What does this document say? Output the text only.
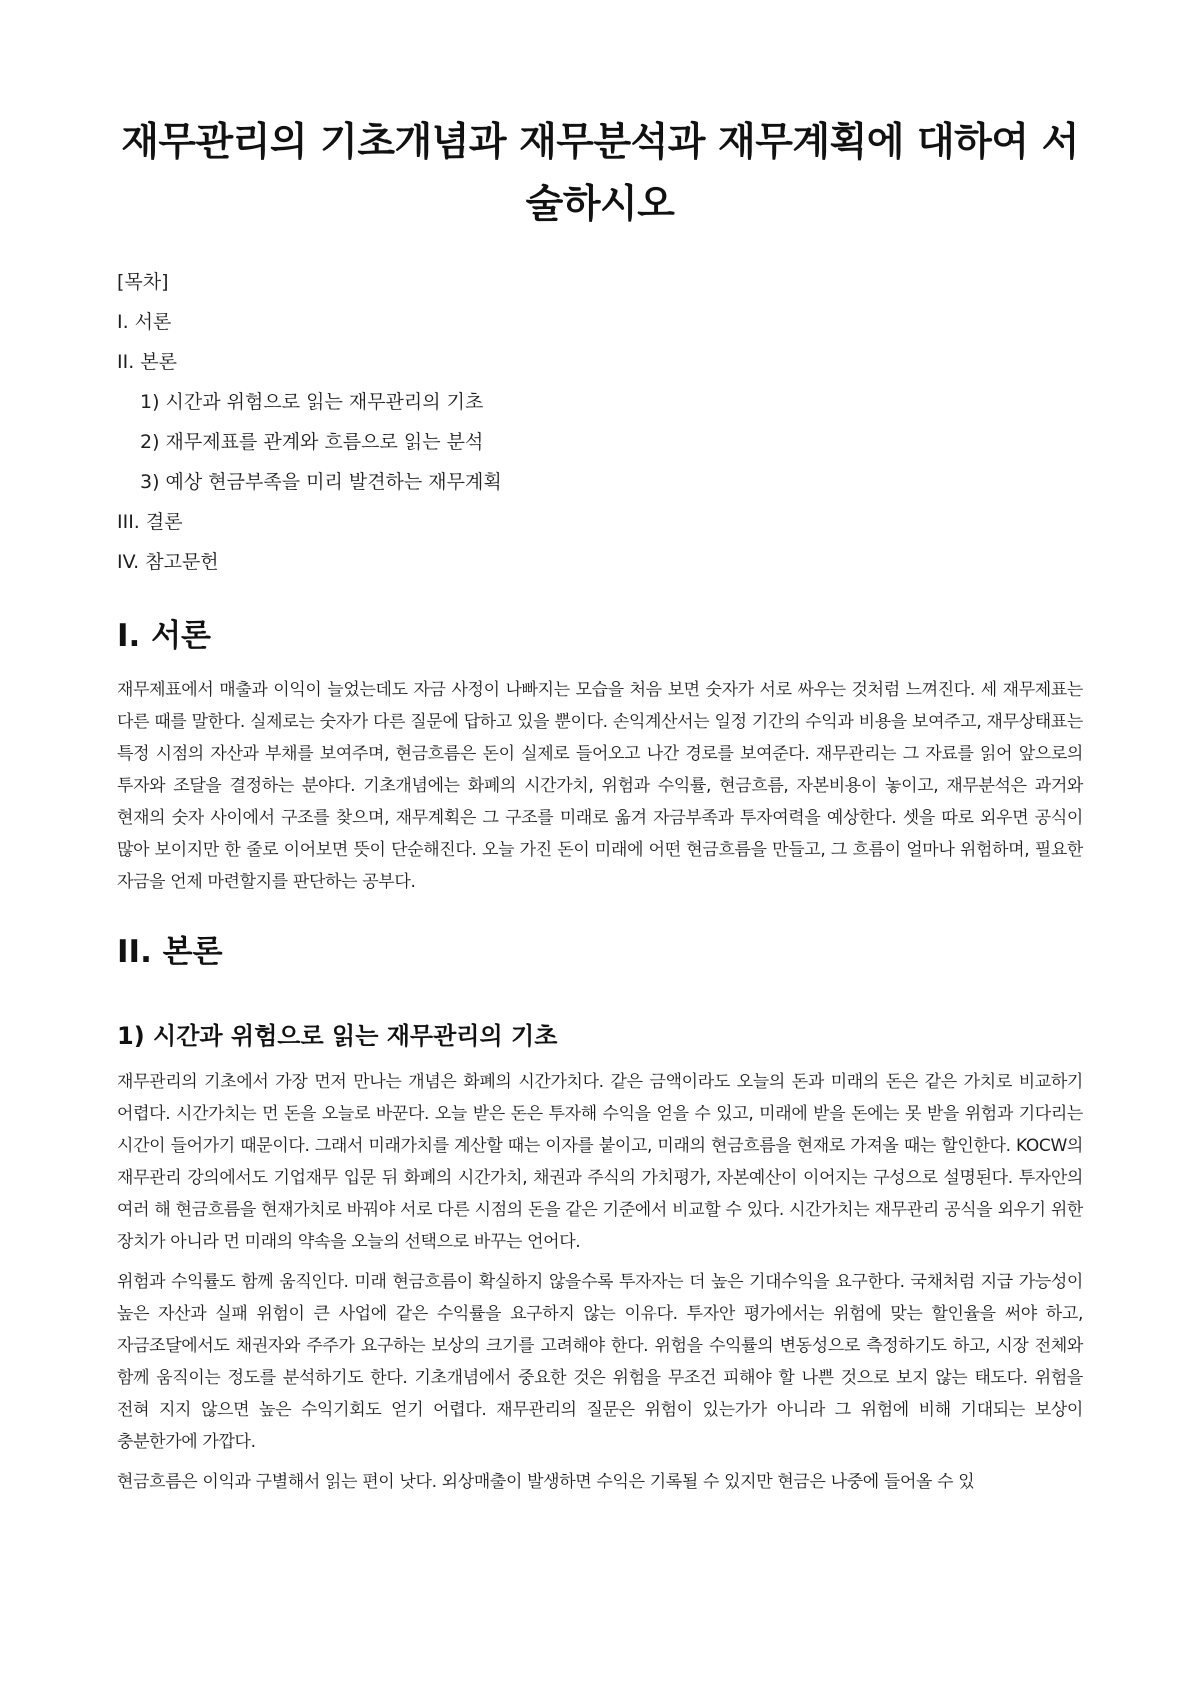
재무관리의 기초개념과 재무분석과 재무계획에 대하여 서술하시오
[목차]
I. 서론
II. 본론
1) 시간과 위험으로 읽는 재무관리의 기초
2) 재무제표를 관계와 흐름으로 읽는 분석
3) 예상 현금부족을 미리 발견하는 재무계획
III. 결론
IV. 참고문헌
I. 서론

재무제표에서 매출과 이익이 늘었는데도 자금 사정이 나빠지는 모습을 처음 보면 숫자가 서로 싸우는 것처럼 느껴진다. 세 재무제표는 다른 때를 말한다. 실제로는 숫자가 다른 질문에 답하고 있을 뿐이다. 손익계산서는 일정 기간의 수익과 비용을 보여주고, 재무상태표는 특정 시점의 자산과 부채를 보여주며, 현금흐름은 돈이 실제로 들어오고 나간 경로를 보여준다. 재무관리는 그 자료를 읽어 앞으로의 투자와 조달을 결정하는 분야다. 기초개념에는 화폐의 시간가치, 위험과 수익률, 현금흐름, 자본비용이 놓이고, 재무분석은 과거와 현재의 숫자 사이에서 구조를 찾으며, 재무계획은 그 구조를 미래로 옮겨 자금부족과 투자여력을 예상한다. 셋을 따로 외우면 공식이 많아 보이지만 한 줄로 이어보면 뜻이 단순해진다. 오늘 가진 돈이 미래에 어떤 현금흐름을 만들고, 그 흐름이 얼마나 위험하며, 필요한 자금을 언제 마련할지를 판단하는 공부다.

II. 본론
1) 시간과 위험으로 읽는 재무관리의 기초

재무관리의 기초에서 가장 먼저 만나는 개념은 화폐의 시간가치다. 같은 금액이라도 오늘의 돈과 미래의 돈은 같은 가치로 비교하기 어렵다. 시간가치는 먼 돈을 오늘로 바꾼다. 오늘 받은 돈은 투자해 수익을 얻을 수 있고, 미래에 받을 돈에는 못 받을 위험과 기다리는 시간이 들어가기 때문이다. 그래서 미래가치를 계산할 때는 이자를 붙이고, 미래의 현금흐름을 현재로 가져올 때는 할인한다. KOCW의 재무관리 강의에서도 기업재무 입문 뒤 화폐의 시간가치, 채권과 주식의 가치평가, 자본예산이 이어지는 구성으로 설명된다. 투자안의 여러 해 현금흐름을 현재가치로 바꿔야 서로 다른 시점의 돈을 같은 기준에서 비교할 수 있다. 시간가치는 재무관리 공식을 외우기 위한 장치가 아니라 먼 미래의 약속을 오늘의 선택으로 바꾸는 언어다.

위험과 수익률도 함께 움직인다. 미래 현금흐름이 확실하지 않을수록 투자자는 더 높은 기대수익을 요구한다. 국채처럼 지급 가능성이 높은 자산과 실패 위험이 큰 사업에 같은 수익률을 요구하지 않는 이유다. 투자안 평가에서는 위험에 맞는 할인율을 써야 하고, 자금조달에서도 채권자와 주주가 요구하는 보상의 크기를 고려해야 한다. 위험을 수익률의 변동성으로 측정하기도 하고, 시장 전체와 함께 움직이는 정도를 분석하기도 한다. 기초개념에서 중요한 것은 위험을 무조건 피해야 할 나쁜 것으로 보지 않는 태도다. 위험을 전혀 지지 않으면 높은 수익기회도 얻기 어렵다. 재무관리의 질문은 위험이 있는가가 아니라 그 위험에 비해 기대되는 보상이 충분한가에 가깝다.

현금흐름은 이익과 구별해서 읽는 편이 낫다. 외상매출이 발생하면 수익은 기록될 수 있지만 현금은 나중에 들어올 수 있
